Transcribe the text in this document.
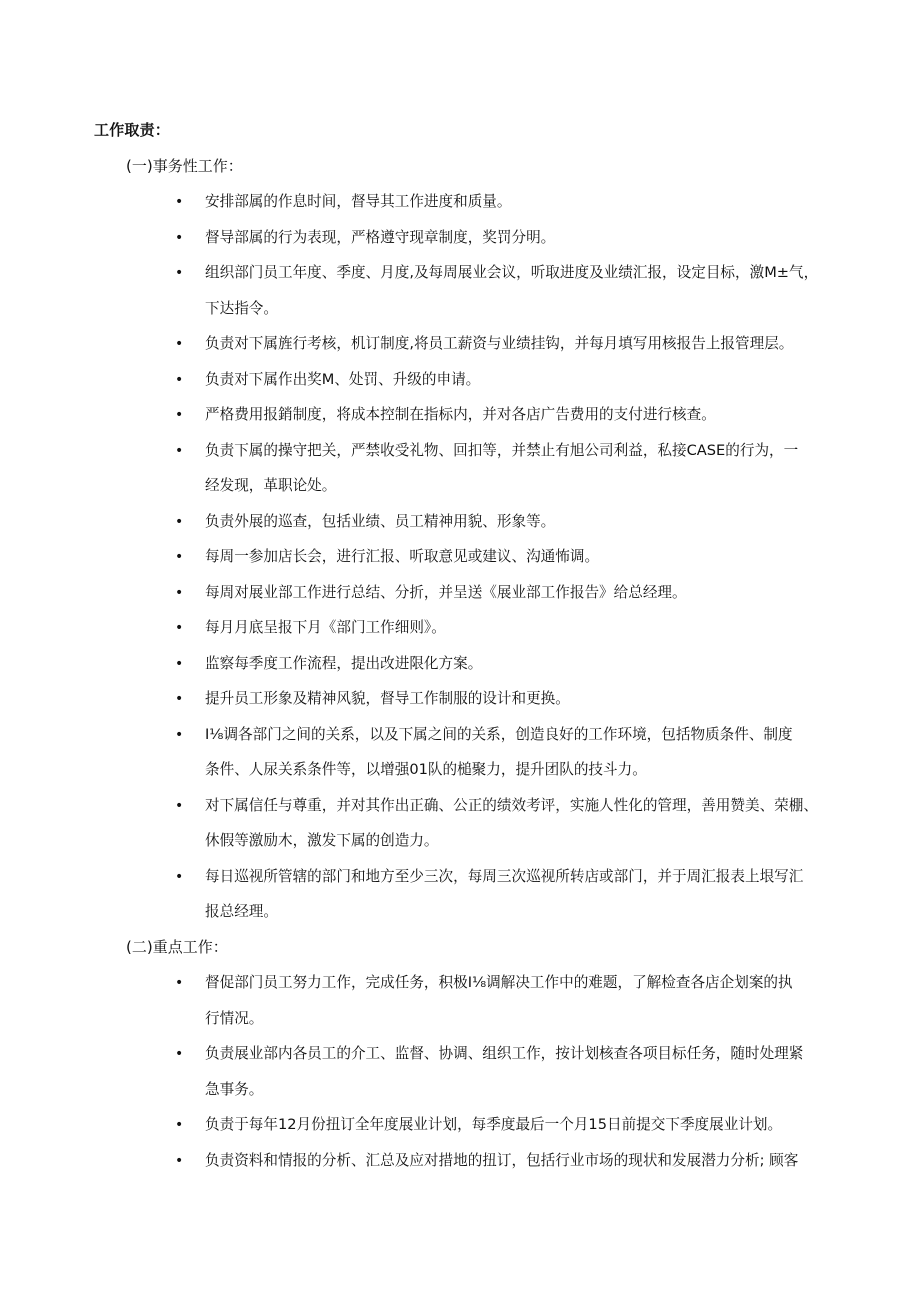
工作取责：
(一)事务性工作：
• 安排部属的作息时间，督导其工作进度和质量。
• 督导部属的行为表现，严格遵守现章制度，奖罚分明。
• 组织部门员工年度、季度、月度,及每周展业会议，听取进度及业绩汇报，设定目标，激M±气，
下达指令。
• 负责对下属旌行考核，机订制度,将员工薪资与业绩挂钩，并每月填写用核报告上报管理层。
• 负责对下属作出奖M、处罚、升级的申请。
• 严格费用报銷制度，将成本控制在指标内，并对各店广告费用的支付进行核查。
• 负责下属的操守把关，严禁收受礼物、回扣等，并禁止有旭公司利益，私接CASE的行为，一
经发现，革职论处。
• 负责外展的巡查，包括业绩、员工精神用貌、形象等。
• 每周一参加店长会，进行汇报、听取意见或建议、沟通怖调。
• 每周对展业部工作进行总结、分折，并呈送《展业部工作报告》给总经理。
• 每月月底呈报下月《部门工作细则》。
• 监察每季度工作流程，提出改进限化方案。
• 提升员工形象及精神风貌，督导工作制服的设计和更换。
• I⅛调各部门之间的关系，以及下属之间的关系，创造良好的工作环境，包括物质条件、制度
条件、人尿关系条件等，以增强01队的槌聚力，提升团队的技斗力。
• 对下属信任与尊重，并对其作出正确、公正的绩效考评，实施人性化的管理，善用赞美、荣棚、
休假等激励木，激发下属的创造力。
• 每日巡视所管辖的部门和地方至少三次，每周三次巡视所转店或部门，并于周汇报表上垠写汇
报总经理。
(二)重点工作：
• 督促部门员工努力工作，完成任务，积极I⅛调解决工作中的难题，了解检查各店企划案的执
行情况。
• 负责展业部内各员工的介工、监督、协调、组织工作，按计划核查各项目标任务，随时处理紧
急事务。
• 负责于每年12月份扭订全年度展业计划，每季度最后一个月15日前提交下季度展业计划。
• 负责资料和情报的分析、汇总及应对措地的扭订，包括行业市场的现状和发展潜力分析; 顾客
